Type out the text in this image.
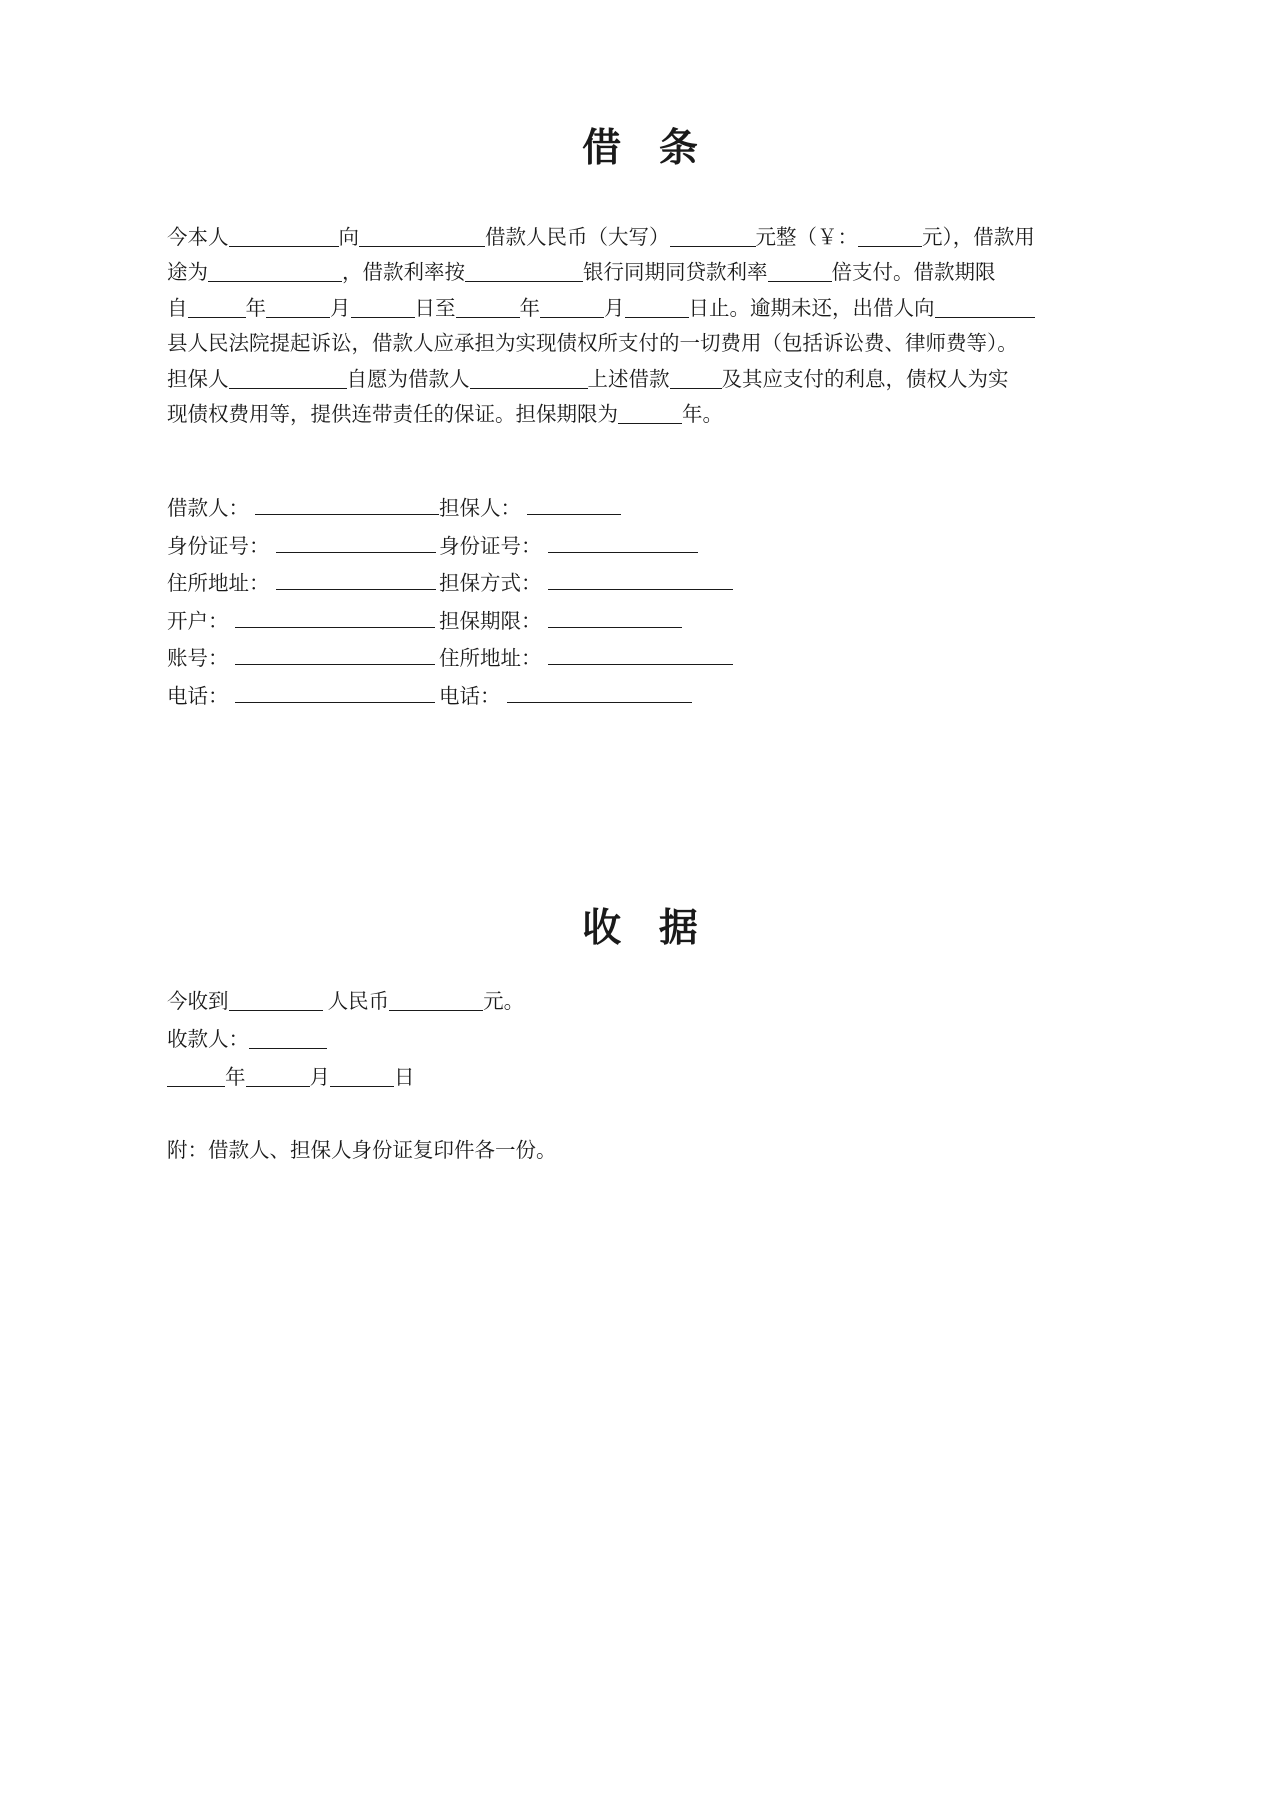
借 条
今本人	向	借款人民币（大写）	元整（￥：	元），借款用
途为	，借款利率按	银行同期同贷款利率	倍支付。借款期限
自	年	月	日至	年	月	日止。逾期未还，出借人向
县人民法院提起诉讼，借款人应承担为实现债权所支付的一切费用（包括诉讼费、律师费等）。
担保人	自愿为借款人	上述借款	及其应支付的利息，债权人为实
现债权费用等，提供连带责任的保证。担保期限为	年。
借款人：	担保人：
身份证号：	身份证号：
住所地址：	担保方式：
开户：	担保期限：
账号：	住所地址：
电话：	电话：
收 据
今收到	人民币	元。
收款人：
年	月	日
附：借款人、担保人身份证复印件各一份。
